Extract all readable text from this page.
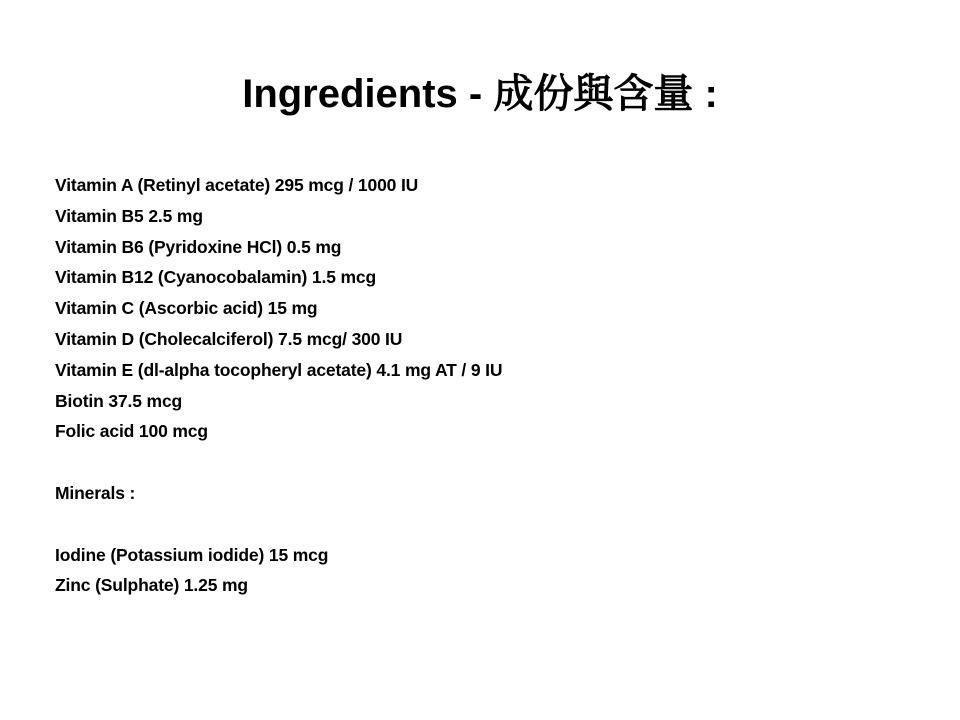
Ingredients - 成份與含量 :
Vitamin A (Retinyl acetate) 295 mcg / 1000 IU
Vitamin B5 2.5 mg
Vitamin B6 (Pyridoxine HCl) 0.5 mg
Vitamin B12 (Cyanocobalamin) 1.5 mcg
Vitamin C (Ascorbic acid) 15 mg
Vitamin D (Cholecalciferol) 7.5 mcg/ 300 IU
Vitamin E (dl-alpha tocopheryl acetate) 4.1 mg AT / 9 IU
Biotin 37.5 mcg
Folic acid 100 mcg

Minerals :

Iodine (Potassium iodide) 15 mcg
Zinc (Sulphate) 1.25 mg
